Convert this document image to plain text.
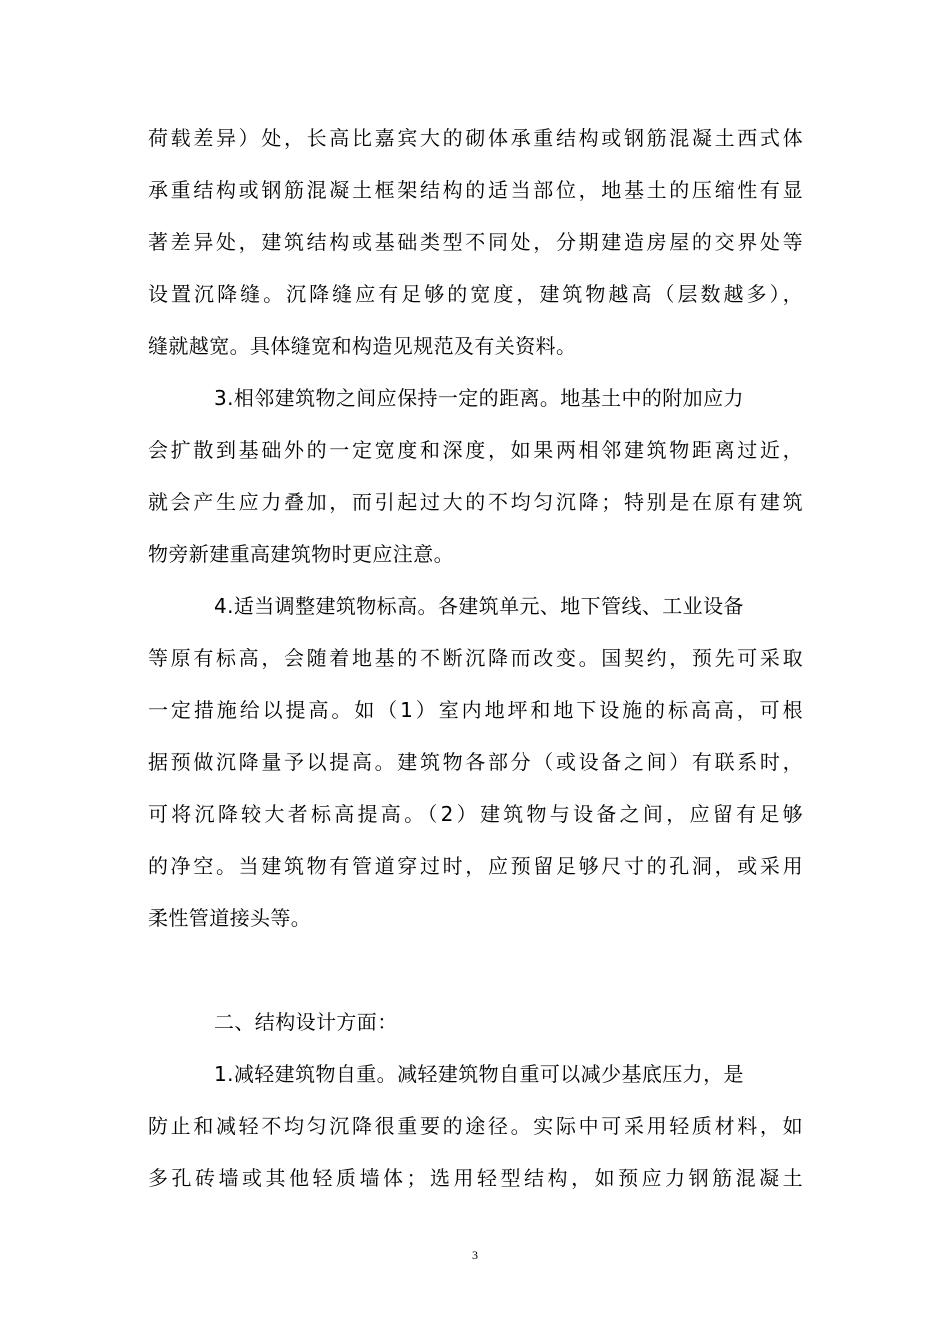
荷载差异）处，长高比嘉宾大的砌体承重结构或钢筋混凝土西式体
承重结构或钢筋混凝土框架结构的适当部位，地基土的压缩性有显
著差异处，建筑结构或基础类型不同处，分期建造房屋的交界处等
设置沉降缝。沉降缝应有足够的宽度，建筑物越高（层数越多），
缝就越宽。具体缝宽和构造见规范及有关资料。
3.相邻建筑物之间应保持一定的距离。地基土中的附加应力
会扩散到基础外的一定宽度和深度，如果两相邻建筑物距离过近，
就会产生应力叠加，而引起过大的不均匀沉降；特别是在原有建筑
物旁新建重高建筑物时更应注意。
4.适当调整建筑物标高。各建筑单元、地下管线、工业设备
等原有标高，会随着地基的不断沉降而改变。国契约，预先可采取
一定措施给以提高。如（1）室内地坪和地下设施的标高高，可根
据预做沉降量予以提高。建筑物各部分（或设备之间）有联系时，
可将沉降较大者标高提高。（2）建筑物与设备之间，应留有足够
的净空。当建筑物有管道穿过时，应预留足够尺寸的孔洞，或采用
柔性管道接头等。
二、结构设计方面：
1.减轻建筑物自重。减轻建筑物自重可以减少基底压力，是
防止和减轻不均匀沉降很重要的途径。实际中可采用轻质材料，如
多孔砖墙或其他轻质墙体；选用轻型结构，如预应力钢筋混凝土
3
